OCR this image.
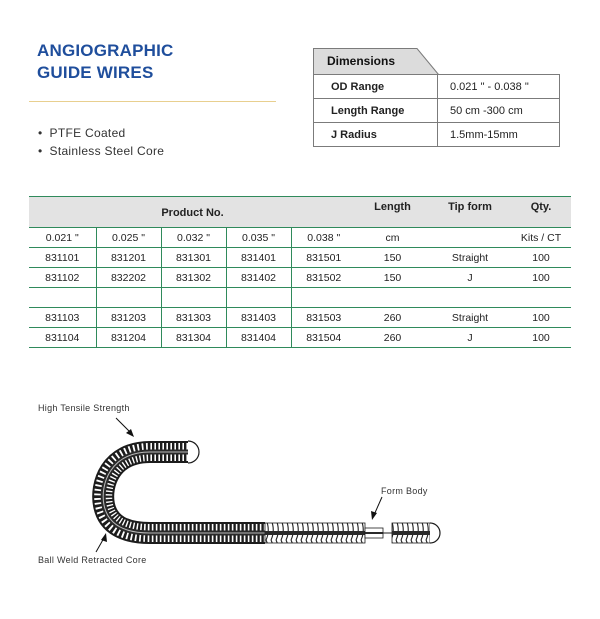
ANGIOGRAPHIC
GUIDE WIRES
• PTFE Coated
• Stainless Steel Core
Dimensions
OD Range	0.021 " - 0.038 "
Length Range	50 cm -300 cm
J Radius	1.5mm-15mm
Product No.					Length	Tip form	Qty.
0.021 "	0.025 "	0.032 "	0.035 "	0.038 "	cm		Kits / CT
831101	831201	831301	831401	831501	150	Straight	100
831102	832202	831302	831402	831502	150	J	100

831103	831203	831303	831403	831503	260	Straight	100
831104	831204	831304	831404	831504	260	J	100
High Tensile Strength
Form Body
Ball Weld Retracted Core
